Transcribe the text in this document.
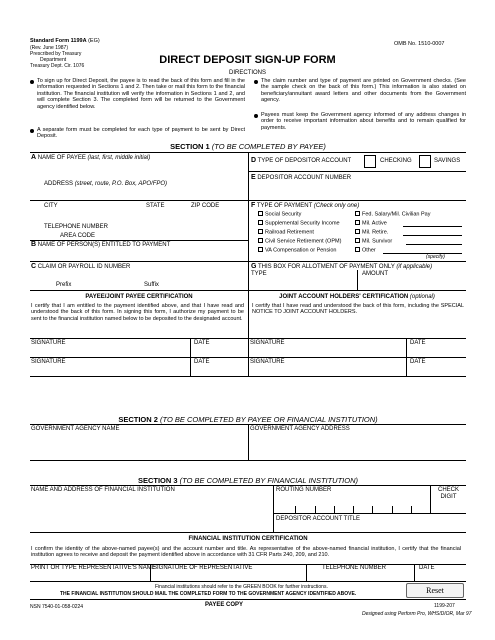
Standard Form 1199A (EG)
(Rev. June 1987)
Prescribed by Treasury
Department
Treasury Dept. Cir. 1076
OMB No. 1510-0007
DIRECT DEPOSIT SIGN-UP FORM
DIRECTIONS
To sign up for Direct Deposit, the payee is to read the back of this form and fill in the information requested in Sections 1 and 2. Then take or mail this form to the financial institution. The financial institution will verify the information in Sections 1 and 2, and will complete Section 3. The completed form will be returned to the Government agency identified below.
A separate form must be completed for each type of payment to be sent by Direct Deposit.
The claim number and type of payment are printed on Government checks. (See the sample check on the back of this form.) This information is also stated on beneficiary/annuitant award letters and other documents from the Government agency.
Payees must keep the Government agency informed of any address changes in order to receive important information about benefits and to remain qualified for payments.
SECTION 1 (TO BE COMPLETED BY PAYEE)
A NAME OF PAYEE (last, first, middle initial)
ADDRESS (street, route, P.O. Box, APO/FPO)
CITY	STATE	ZIP CODE
TELEPHONE NUMBER
AREA CODE
B NAME OF PERSON(S) ENTITLED TO PAYMENT
C CLAIM OR PAYROLL ID NUMBER
Prefix	Suffix
D TYPE OF DEPOSITOR ACCOUNT	CHECKING	SAVINGS
E DEPOSITOR ACCOUNT NUMBER
F TYPE OF PAYMENT (Check only one)
Social Security
Supplemental Security Income
Railroad Retirement
Civil Service Retirement (OPM)
VA Compensation or Pension
Fed. Salary/Mil. Civilian Pay
Mil. Active
Mil. Retire.
Mil. Survivor
Other
(specify)
G THIS BOX FOR ALLOTMENT OF PAYMENT ONLY (if applicable)
TYPE	AMOUNT
PAYEE/JOINT PAYEE CERTIFICATION
I certify that I am entitled to the payment identified above, and that I have read and understood the back of this form. In signing this form, I authorize my payment to be sent to the financial institution named below to be deposited to the designated account.
JOINT ACCOUNT HOLDERS' CERTIFICATION (optional)
I certify that I have read and understood the back of this form, including the SPECIAL NOTICE TO JOINT ACCOUNT HOLDERS.
SIGNATURE	DATE	SIGNATURE	DATE
SIGNATURE	DATE	SIGNATURE	DATE
SECTION 2 (TO BE COMPLETED BY PAYEE OR FINANCIAL INSTITUTION)
GOVERNMENT AGENCY NAME	GOVERNMENT AGENCY ADDRESS
SECTION 3 (TO BE COMPLETED BY FINANCIAL INSTITUTION)
NAME AND ADDRESS OF FINANCIAL INSTITUTION	ROUTING NUMBER	CHECK
DIGIT
DEPOSITOR ACCOUNT TITLE
FINANCIAL INSTITUTION CERTIFICATION
I confirm the identity of the above-named payee(s) and the account number and title. As representative of the above-named financial institution, I certify that the financial institution agrees to receive and deposit the payment identified above in accordance with 31 CFR Parts 240, 209, and 210.
PRINT OR TYPE REPRESENTATIVE'S NAME
SIGNATURE OF REPRESENTATIVE	TELEPHONE NUMBER	DATE
Financial institutions should refer to the GREEN BOOK for further instructions.
THE FINANCIAL INSTITUTION SHOULD MAIL THE COMPLETED FORM TO THE GOVERNMENT AGENCY IDENTIFIED ABOVE.	Reset
NSN 7540-01-058-0224	PAYEE COPY	1199-207
Designed using Perform Pro, WHS/DIOR, Mar 97
